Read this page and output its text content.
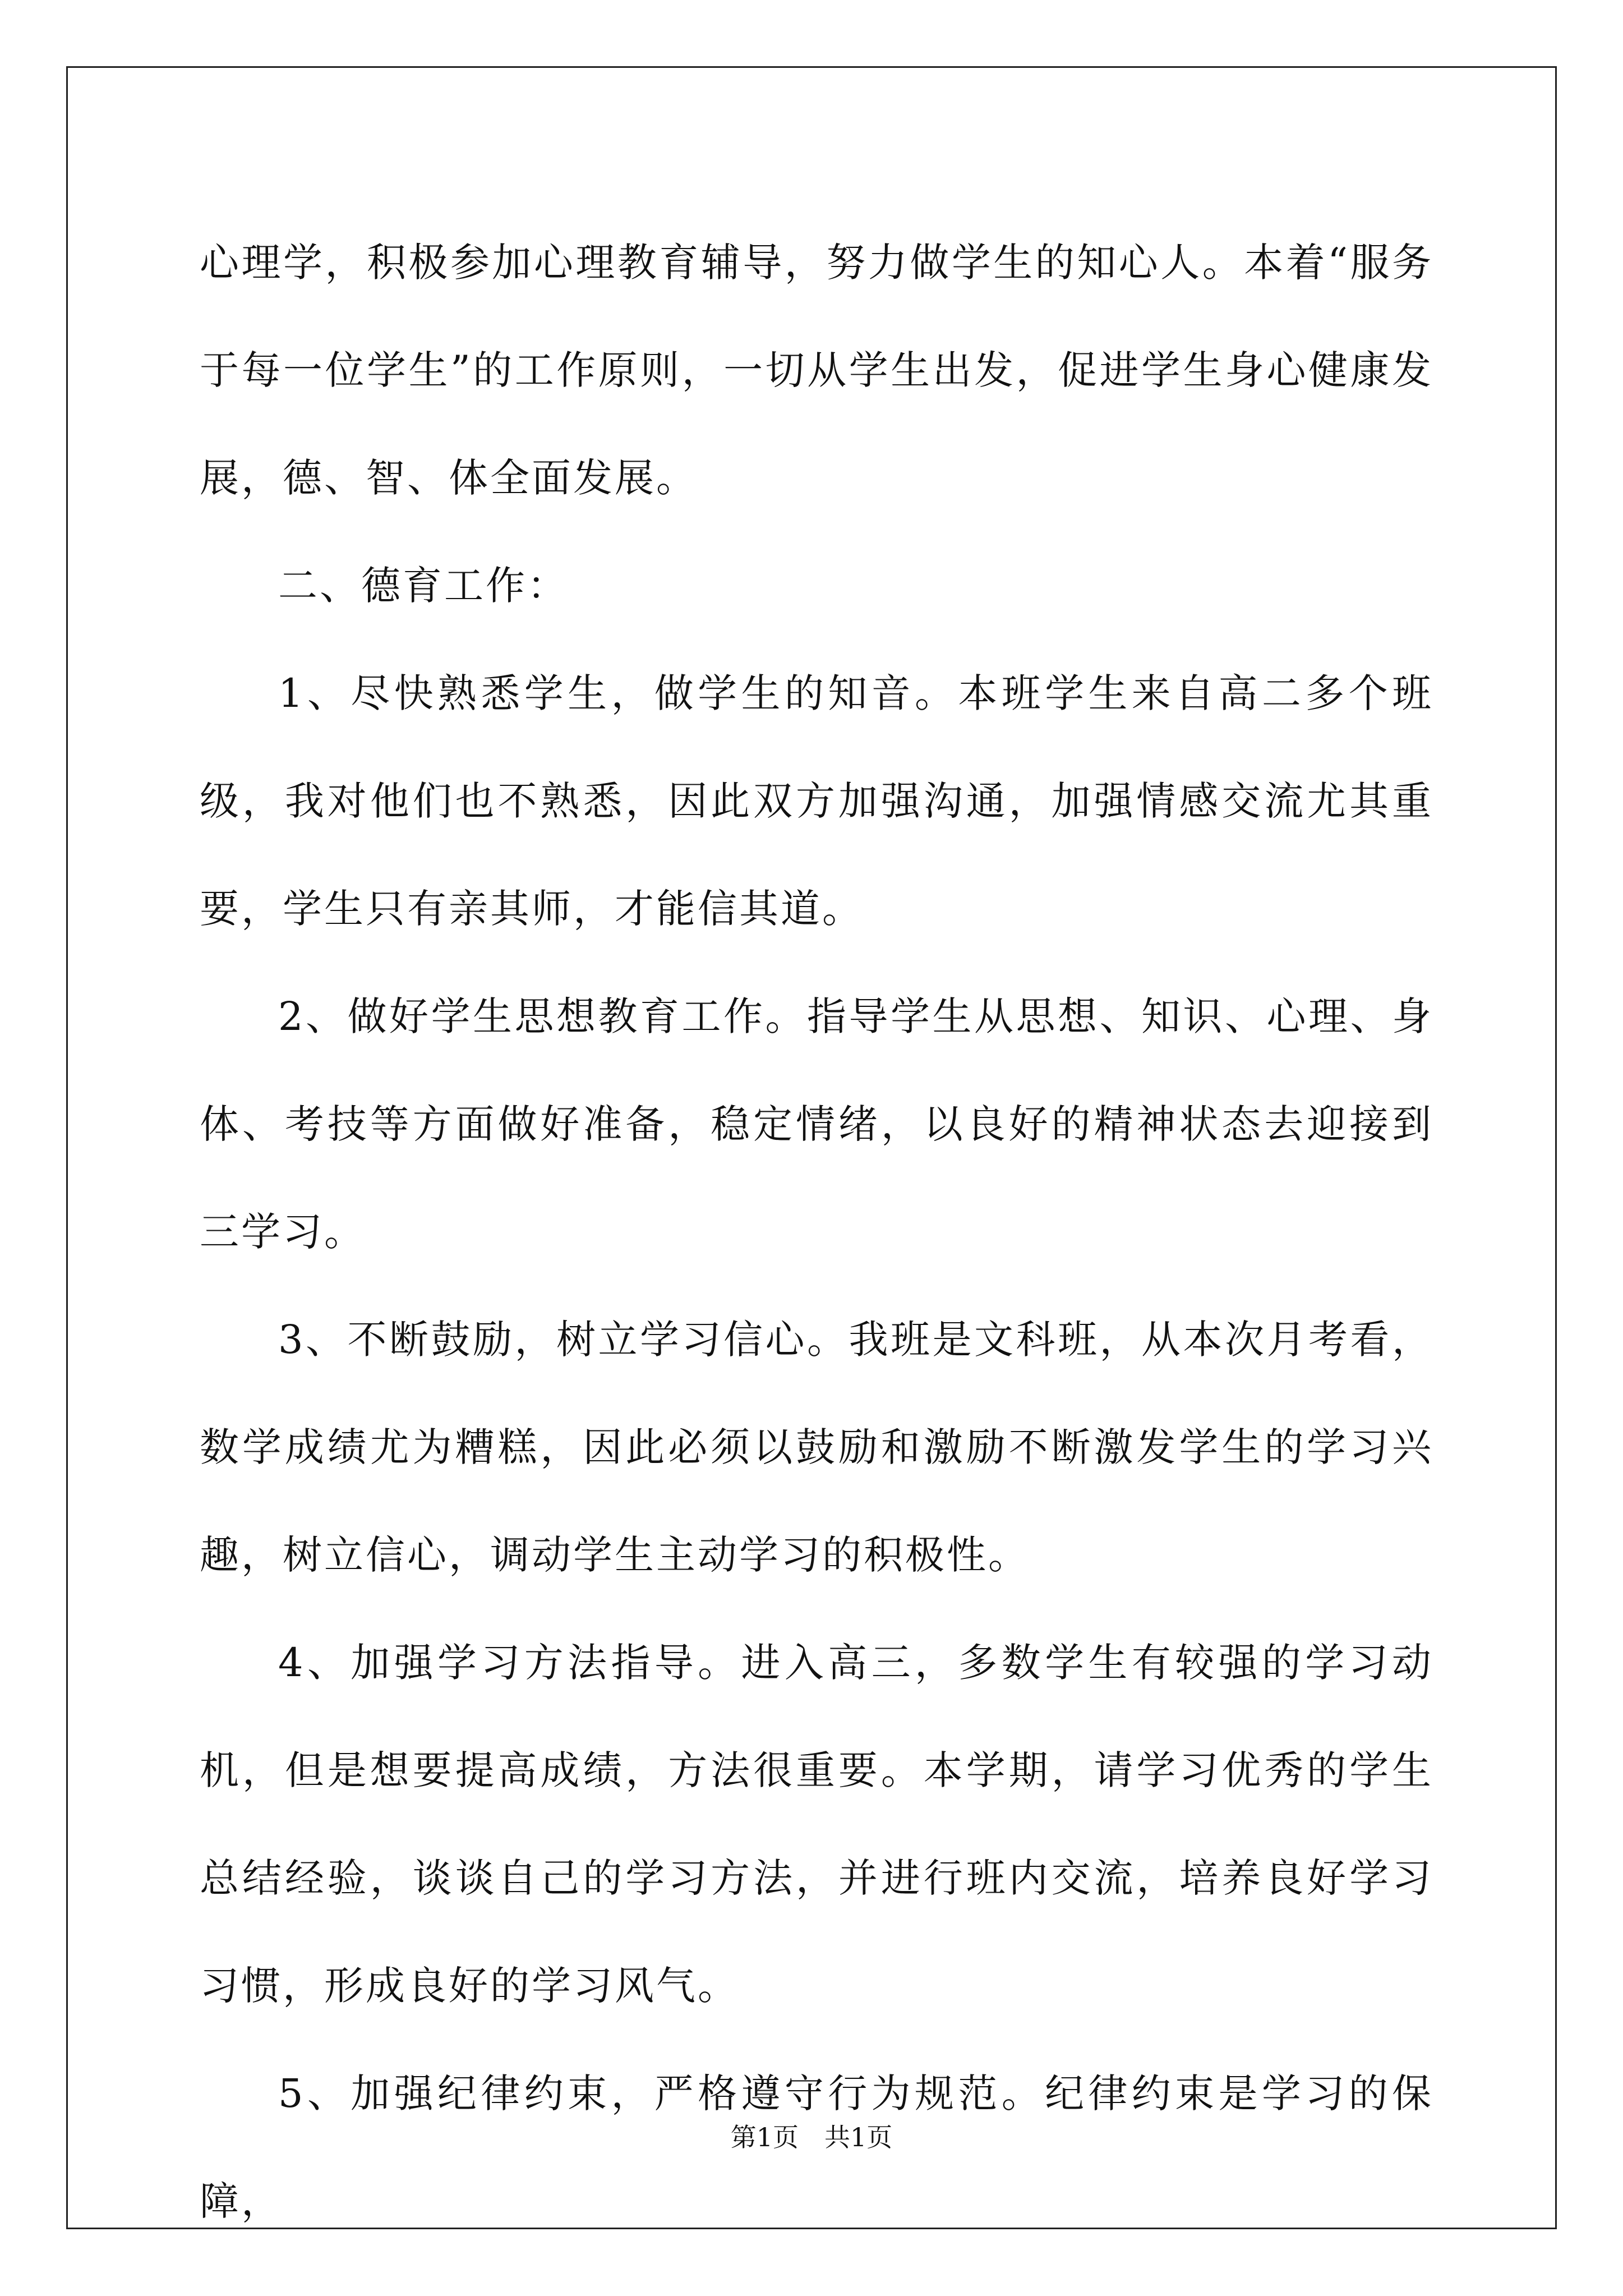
心理学，积极参加心理教育辅导，努力做学生的知心人。本着“服务于每一位学生”的工作原则，一切从学生出发，促进学生身心健康发展，德、智、体全面发展。

二、德育工作：

1、尽快熟悉学生，做学生的知音。本班学生来自高二多个班级，我对他们也不熟悉，因此双方加强沟通，加强情感交流尤其重要，学生只有亲其师，才能信其道。

2、做好学生思想教育工作。指导学生从思想、知识、心理、身体、考技等方面做好准备，稳定情绪，以良好的精神状态去迎接到三学习。

3、不断鼓励，树立学习信心。我班是文科班，从本次月考看，数学成绩尤为糟糕，因此必须以鼓励和激励不断激发学生的学习兴趣，树立信心，调动学生主动学习的积极性。

4、加强学习方法指导。进入高三，多数学生有较强的学习动机，但是想要提高成绩，方法很重要。本学期，请学习优秀的学生总结经验，谈谈自己的学习方法，并进行班内交流，培养良好学习习惯，形成良好的学习风气。

5、加强纪律约束，严格遵守行为规范。纪律约束是学习的保障，

第1页　共1页
